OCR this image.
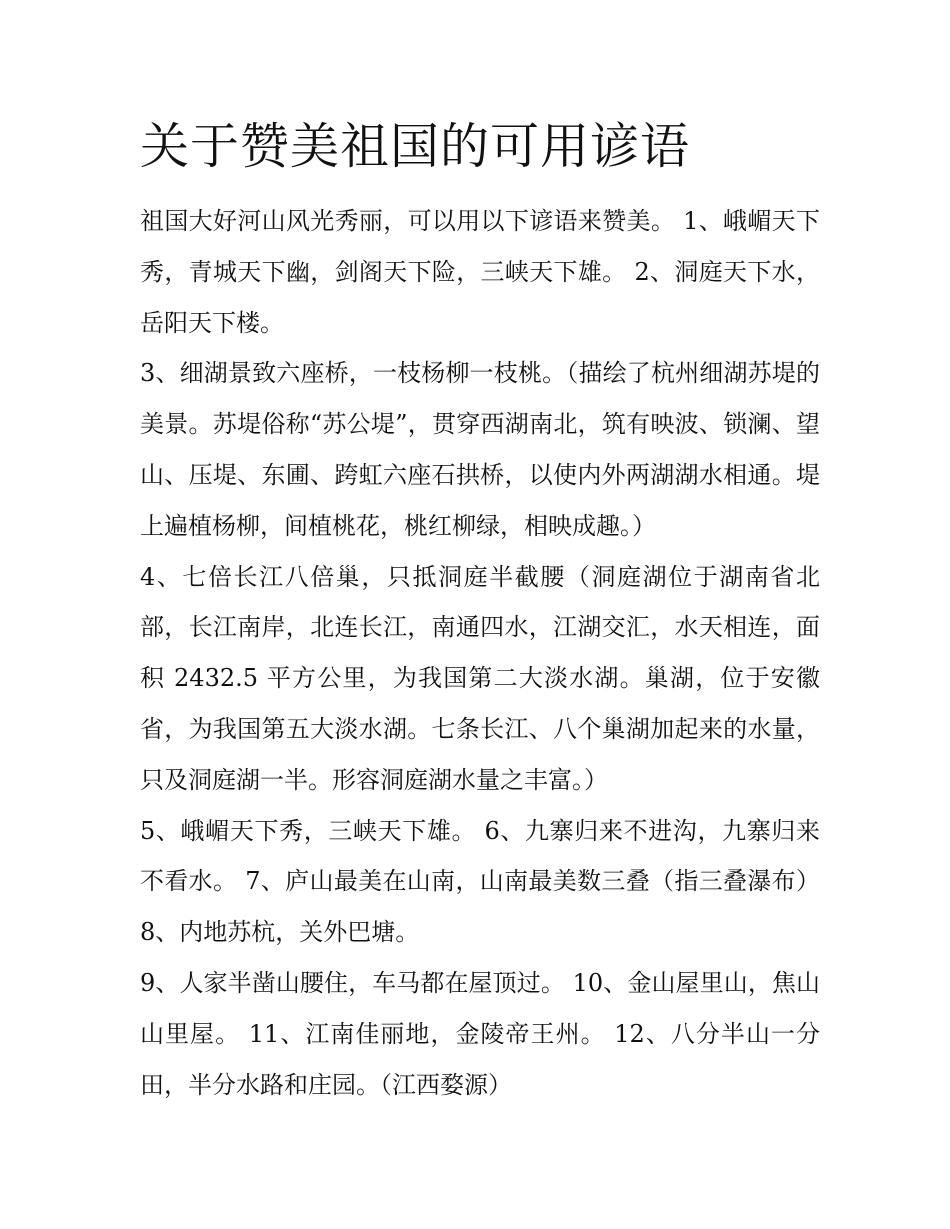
关于赞美祖国的可用谚语

祖国大好河山风光秀丽，可以用以下谚语来赞美。 1、峨嵋天下秀，青城天下幽，剑阁天下险，三峡天下雄。 2、洞庭天下水，岳阳天下楼。

3、细湖景致六座桥，一枝杨柳一枝桃。（描绘了杭州细湖苏堤的美景。苏堤俗称“苏公堤”，贯穿西湖南北，筑有映波、锁澜、望山、压堤、东圃、跨虹六座石拱桥，以使内外两湖湖水相通。堤上遍植杨柳，间植桃花，桃红柳绿，相映成趣。）

4、七倍长江八倍巢，只抵洞庭半截腰（洞庭湖位于湖南省北部，长江南岸，北连长江，南通四水，江湖交汇，水天相连，面积 2432.5 平方公里，为我国第二大淡水湖。巢湖，位于安徽省，为我国第五大淡水湖。七条长江、八个巢湖加起来的水量，只及洞庭湖一半。形容洞庭湖水量之丰富。）

5、峨嵋天下秀，三峡天下雄。 6、九寨归来不进沟，九寨归来不看水。 7、庐山最美在山南，山南最美数三叠（指三叠瀑布） 8、内地苏杭，关外巴塘。

9、人家半凿山腰住，车马都在屋顶过。 10、金山屋里山，焦山山里屋。 11、江南佳丽地，金陵帝王州。 12、八分半山一分田，半分水路和庄园。（江西婺源）
